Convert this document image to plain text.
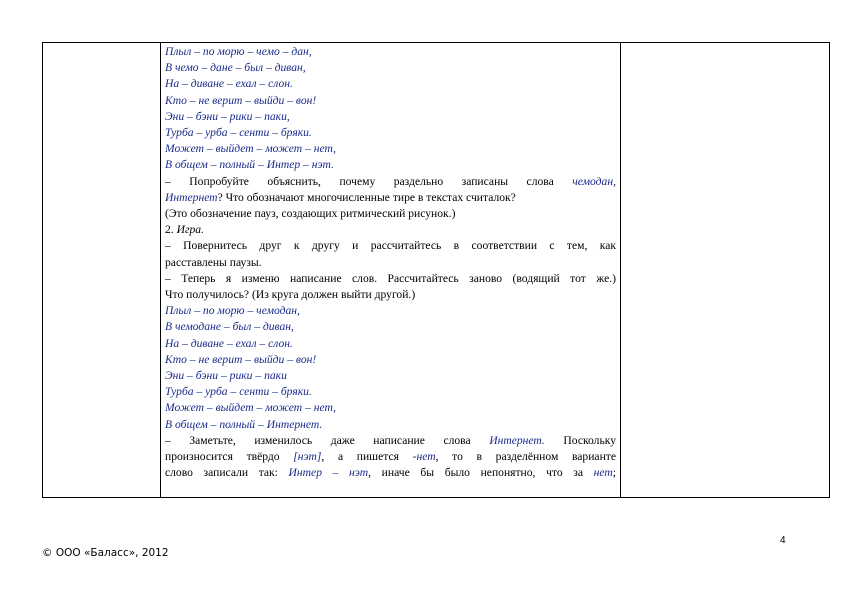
Плыл – по морю – чемо – дан,
В чемо – дане – был – диван,
На – диване – ехал – слон.
Кто – не верит – выйди – вон!
Эни – бэни – рики – паки,
Турба – урба – сенти – бряки.
Может – выйдет – может – нет,
В общем – полный – Интер – нэт.
– Попробуйте объяснить, почему раздельно записаны слова чемодан,
Интернет? Что обозначают многочисленные тире в текстах считалок?
(Это обозначение пауз, создающих ритмический рисунок.)
2. Игра.
– Повернитесь друг к другу и рассчитайтесь в соответствии с тем, как
расставлены паузы.
– Теперь я изменю написание слов. Рассчитайтесь заново (водящий тот же.)
Что получилось? (Из круга должен выйти другой.)
Плыл – по морю – чемодан,
В чемодане – был – диван,
На – диване – ехал – слон.
Кто – не верит – выйди – вон!
Эни – бэни – рики – паки
Турба – урба – сенти – бряки.
Может – выйдет – может – нет,
В общем – полный – Интернет.
– Заметьте, изменилось даже написание слова Интернет. Поскольку
произносится твёрдо [нэт], а пишется -нет, то в разделённом варианте
слово записали так: Интер – нэт, иначе бы было непонятно, что за нет;
4
© ООО «Баласс», 2012
